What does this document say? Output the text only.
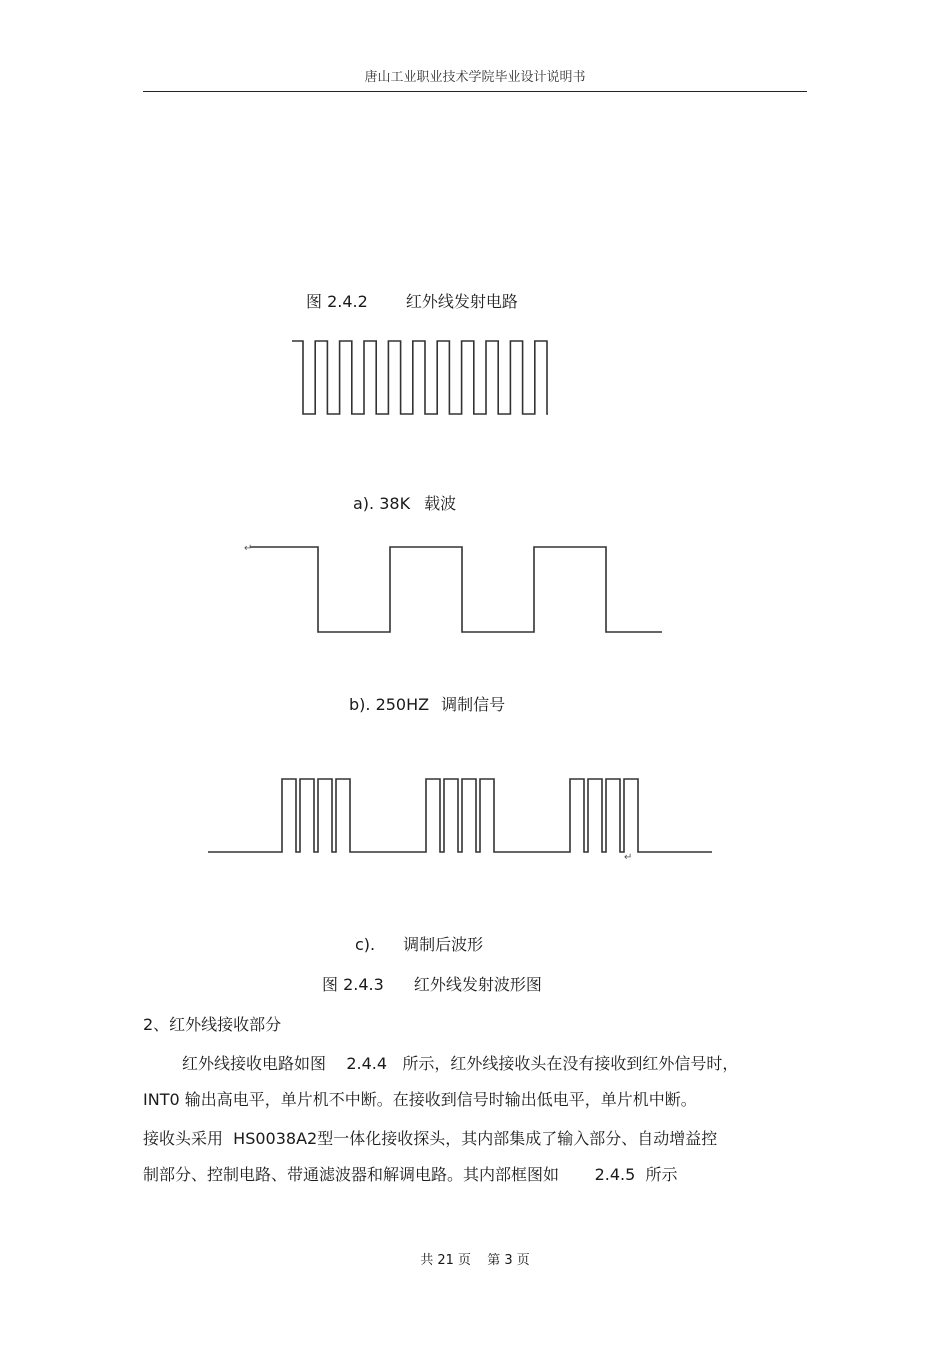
唐山工业职业技术学院毕业设计说明书
图 2.4.2 红外线发射电路
↵
↵
a). 38K 载波
b). 250HZ 调制信号
c). 调制后波形
图 2.4.3 红外线发射波形图
2、红外线接收部分
红外线接收电路如图    2.4.4   所示，红外线接收头在没有接收到红外信号时，
INT0 输出高电平，单片机不中断。在接收到信号时输出低电平，单片机中断。
接收头采用  HS0038A2型一体化接收探头，其内部集成了输入部分、自动增益控
制部分、控制电路、带通滤波器和解调电路。其内部框图如       2.4.5  所示
共 21 页 第 3 页
